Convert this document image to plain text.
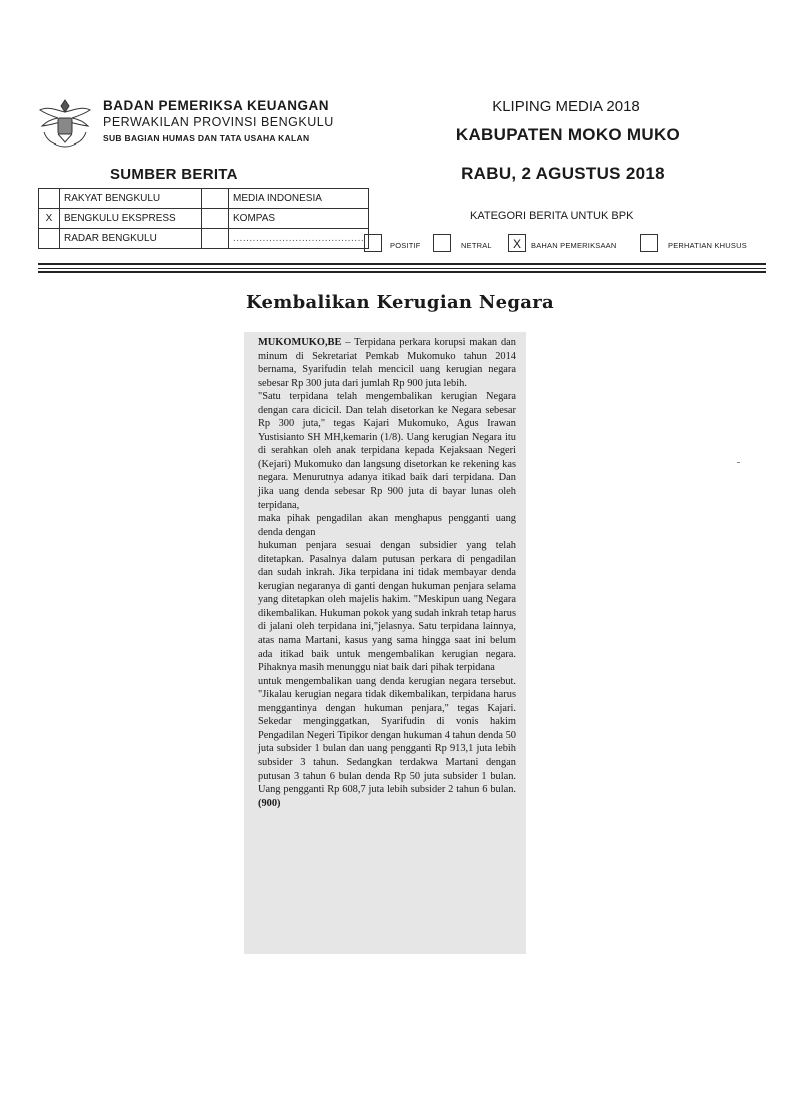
BADAN PEMERIKSA KEUANGAN
PERWAKILAN PROVINSI BENGKULU
SUB BAGIAN HUMAS DAN TATA USAHA KALAN
KLIPING MEDIA 2018
KABUPATEN MOKO MUKO
RABU, 2 AGUSTUS 2018
SUMBER BERITA
	RAKYAT BENGKULU		MEDIA INDONESIA
X	BENGKULU EKSPRESS		KOMPAS
	RADAR BENGKULU		........................................
KATEGORI BERITA UNTUK BPK
POSITIF	NETRAL	X	BAHAN PEMERIKSAAN	PERHATIAN KHUSUS
Kembalikan Kerugian Negara

MUKOMUKO,BE – Terpidana perkara korupsi makan dan minum di Sekretariat Pemkab Mukomuko tahun 2014 bernama, Syarifudin telah mencicil uang kerugian negara sebesar Rp 300 juta dari jumlah Rp 900 juta lebih.
"Satu terpidana telah mengembalikan kerugian Negara dengan cara dicicil. Dan telah disetorkan ke Negara sebesar Rp 300 juta," tegas Kajari Mukomuko, Agus Irawan Yustisianto SH MH,kemarin (1/8). Uang kerugian Negara itu di serahkan oleh anak terpidana kepada Kejaksaan Negeri (Kejari) Mukomuko dan langsung disetorkan ke rekening kas negara. Menurutnya adanya itikad baik dari terpidana. Dan jika uang denda sebesar Rp 900 juta di bayar lunas oleh terpidana,
maka pihak pengadilan akan menghapus pengganti uang denda dengan
hukuman penjara sesuai dengan subsidier yang telah ditetapkan. Pasalnya dalam putusan perkara di pengadilan dan sudah inkrah. Jika terpidana ini tidak membayar denda kerugian negaranya di ganti dengan hukuman penjara selama yang ditetapkan oleh majelis hakim. "Meskipun uang Negara dikembalikan. Hukuman pokok yang sudah inkrah tetap harus di jalani oleh terpidana ini,"jelasnya. Satu terpidana lainnya, atas nama Martani, kasus yang sama hingga saat ini belum ada itikad baik untuk mengembalikan kerugian negara. Pihaknya masih menunggu niat baik dari pihak terpidana
untuk mengembalikan uang denda kerugian negara tersebut. "Jikalau kerugian negara tidak dikembalikan, terpidana harus menggantinya dengan hukuman penjara," tegas Kajari. Sekedar menginggatkan, Syarifudin di vonis hakim Pengadilan Negeri Tipikor dengan hukuman 4 tahun denda 50 juta subsider 1 bulan dan uang pengganti Rp 913,1 juta lebih subsider 3 tahun. Sedangkan terdakwa Martani dengan putusan 3 tahun 6 bulan denda Rp 50 juta subsider 1 bulan. Uang pengganti Rp 608,7 juta lebih subsider 2 tahun 6 bulan. (900)
